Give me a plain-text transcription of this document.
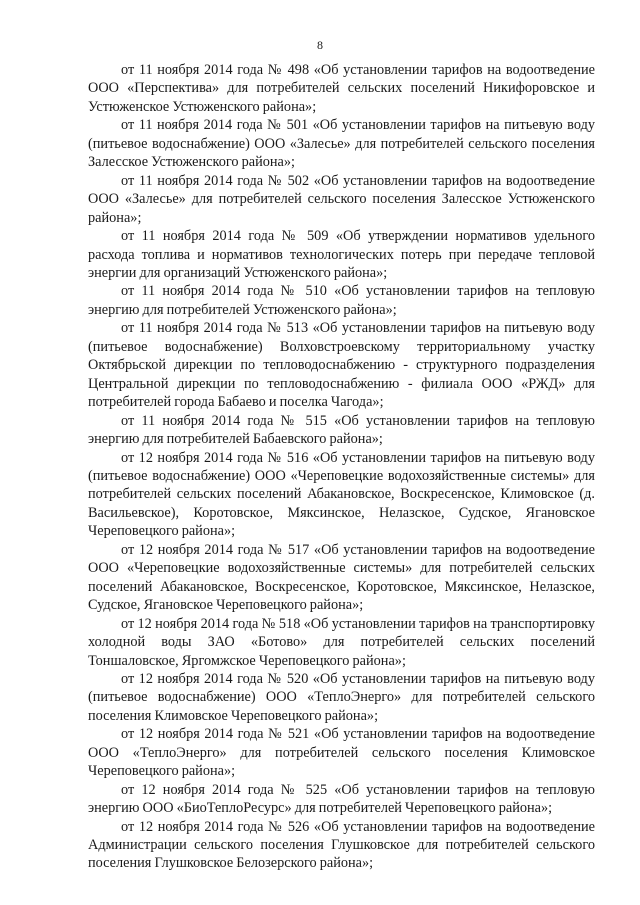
8

от 11 ноября 2014 года № 498 «Об установлении тарифов на водоотведение ООО «Перспектива» для потребителей сельских поселений Никифоровское и Устюженское Устюженского района»;

от 11 ноября 2014 года № 501 «Об установлении тарифов на питьевую воду (питьевое водоснабжение) ООО «Залесье» для потребителей сельского поселения Залесское Устюженского района»;

от 11 ноября 2014 года № 502 «Об установлении тарифов на водоотведение ООО «Залесье» для потребителей сельского поселения Залесское Устюженского района»;

от 11 ноября 2014 года № 509 «Об утверждении нормативов удельного расхода топлива и нормативов технологических потерь при передаче тепловой энергии для организаций Устюженского района»;

от 11 ноября 2014 года № 510 «Об установлении тарифов на тепловую энергию для потребителей Устюженского района»;

от 11 ноября 2014 года № 513 «Об установлении тарифов на питьевую воду (питьевое водоснабжение) Волховстроевскому территориальному участку Октябрьской дирекции по тепловодоснабжению - структурного подразделения Центральной дирекции по тепловодоснабжению - филиала ООО «РЖД» для потребителей города Бабаево и поселка Чагода»;

от 11 ноября 2014 года № 515 «Об установлении тарифов на тепловую энергию для потребителей Бабаевского района»;

от 12 ноября 2014 года № 516 «Об установлении тарифов на питьевую воду (питьевое водоснабжение) ООО «Череповецкие водохозяйственные системы» для потребителей сельских поселений Абакановское, Воскресенское, Климовское (д. Васильевское), Коротовское, Мяксинское, Нелазское, Судское, Ягановское Череповецкого района»;

от 12 ноября 2014 года № 517 «Об установлении тарифов на водоотведение ООО «Череповецкие водохозяйственные системы» для потребителей сельских поселений Абакановское, Воскресенское, Коротовское, Мяксинское, Нелазское, Судское, Ягановское Череповецкого района»;

от 12 ноября 2014 года № 518 «Об установлении тарифов на транспортировку холодной воды ЗАО «Ботово» для потребителей сельских поселений Тоншаловское, Яргомжское Череповецкого района»;

от 12 ноября 2014 года № 520 «Об установлении тарифов на питьевую воду (питьевое водоснабжение) ООО «ТеплоЭнерго» для потребителей сельского поселения Климовское Череповецкого района»;

от 12 ноября 2014 года № 521 «Об установлении тарифов на водоотведение ООО «ТеплоЭнерго» для потребителей сельского поселения Климовское Череповецкого района»;

от 12 ноября 2014 года № 525 «Об установлении тарифов на тепловую энергию ООО «БиоТеплоРесурс» для потребителей Череповецкого района»;

от 12 ноября 2014 года № 526 «Об установлении тарифов на водоотведение Администрации сельского поселения Глушковское для потребителей сельского поселения Глушковское Белозерского района»;
